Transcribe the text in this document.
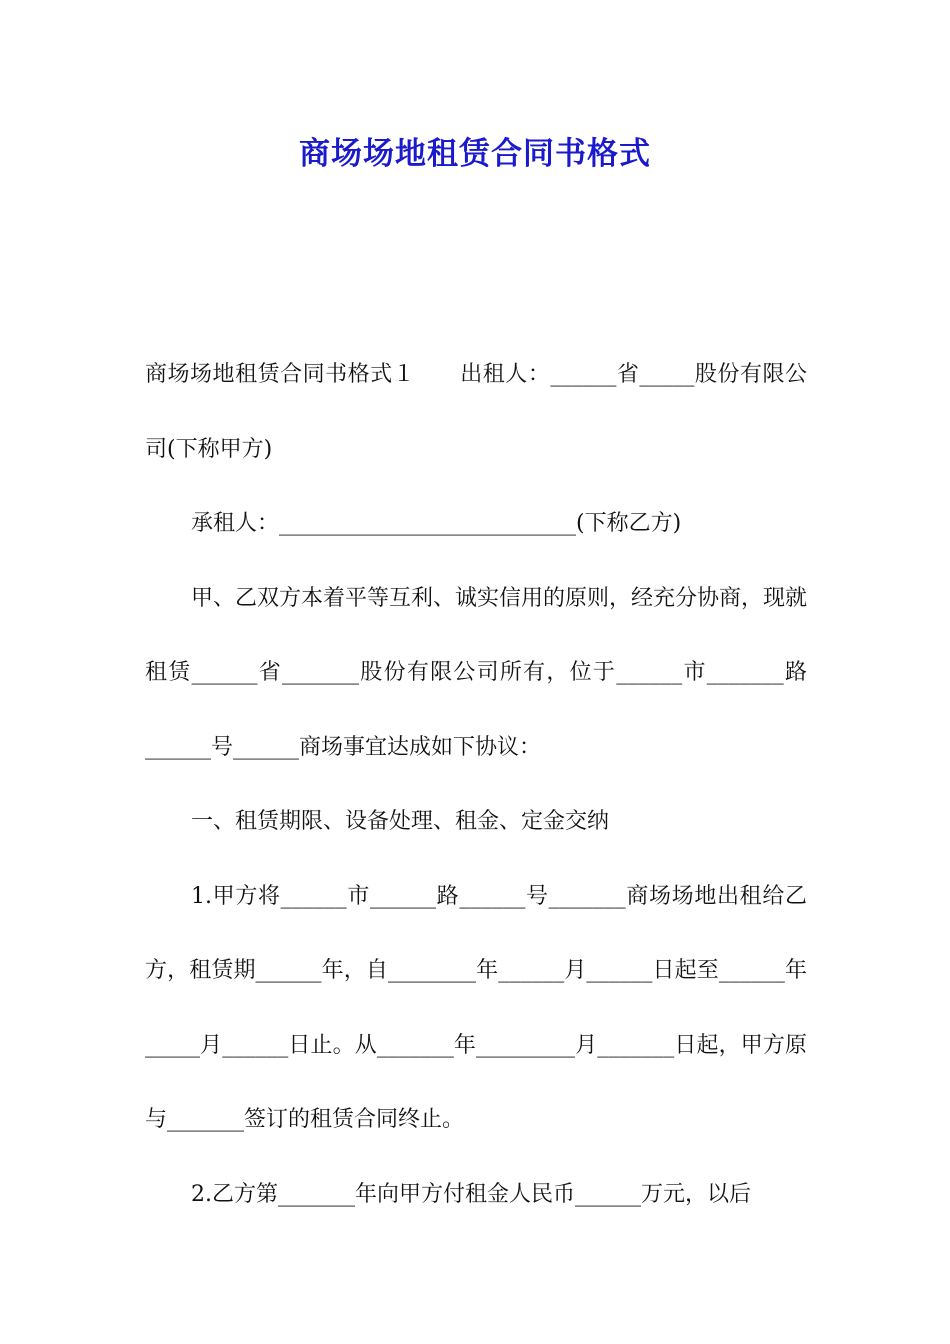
商场场地租赁合同书格式

商场场地租赁合同书格式１　　出租人：______省_____股份有限公司(下称甲方)

承租人：___________________________(下称乙方)

甲、乙双方本着平等互利、诚实信用的原则，经充分协商，现就租赁______省_______股份有限公司所有，位于______市_______路______号______商场事宜达成如下协议：

一、租赁期限、设备处理、租金、定金交纳

1.甲方将______市______路______号_______商场场地出租给乙方，租赁期______年，自________年______月______日起至______年_____月______日止。从_______年_________月_______日起，甲方原与_______签订的租赁合同终止。

2.乙方第_______年向甲方付租金人民币______万元，以后
